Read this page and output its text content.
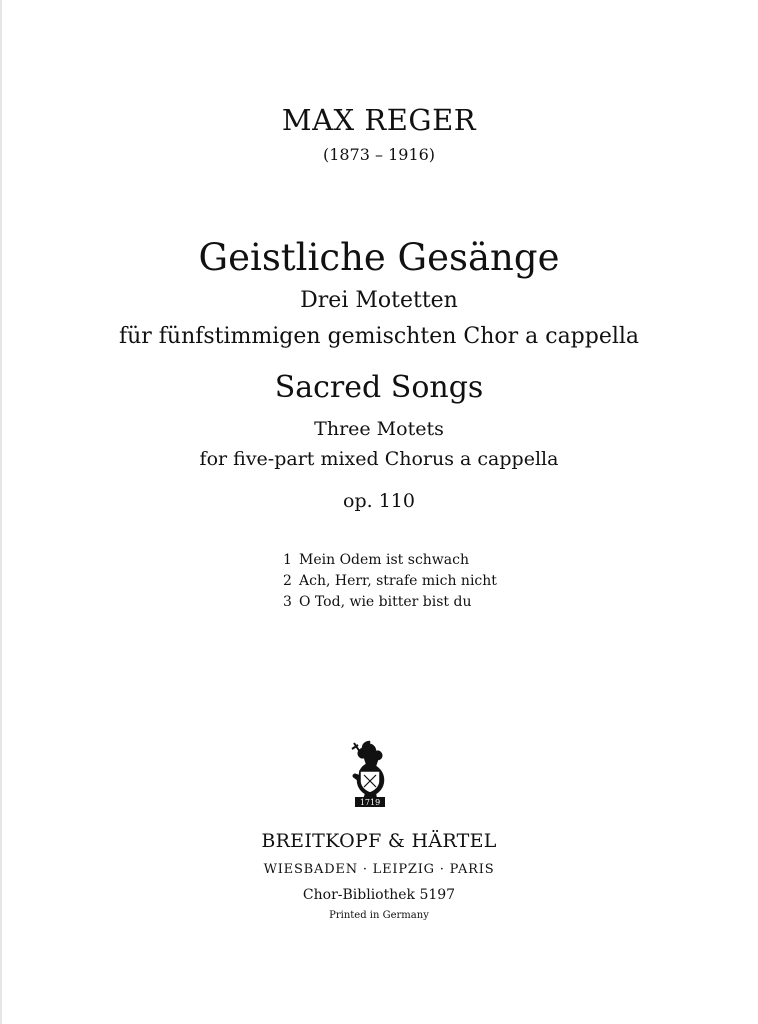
MAX REGER
(1873 – 1916)
Geistliche Gesänge
Drei Motetten
für fünfstimmigen gemischten Chor a cappella
Sacred Songs
Three Motets
for five-part mixed Chorus a cappella
op. 110
1 Mein Odem ist schwach
2 Ach, Herr, strafe mich nicht
3 O Tod, wie bitter bist du
1719
BREITKOPF & HÄRTEL
WIESBADEN · LEIPZIG · PARIS
Chor-Bibliothek 5197
Printed in Germany
